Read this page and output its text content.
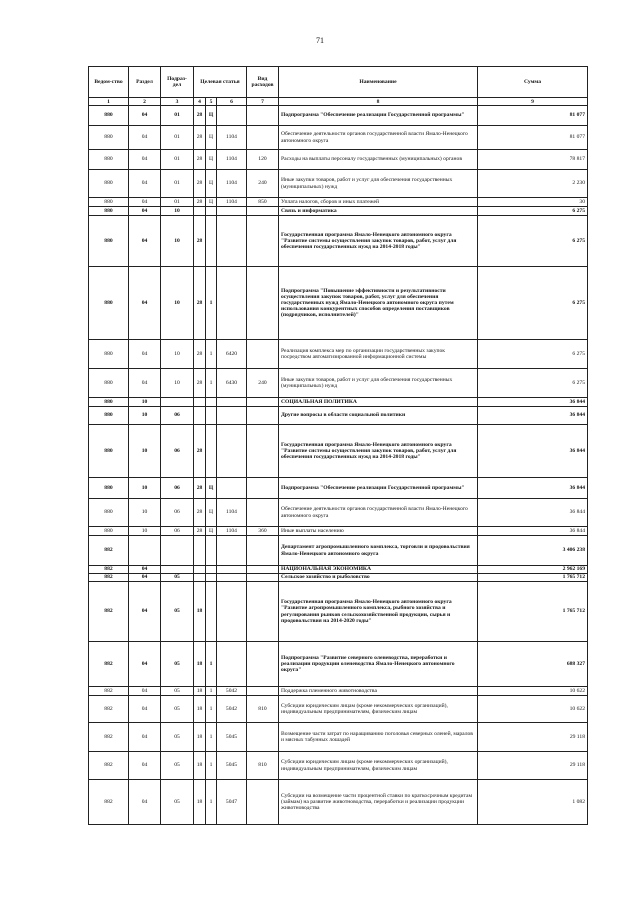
71
Ведом-ство	Раздел	Подраз-дел	Целевая статья			Вид расходов	Наименование	Сумма
1	2	3	4	5	6	7	8	9
880	04	01	28	Ц			Подпрограмма "Обеспечение реализации Государственной программы"	81 077
880	04	01	28	Ц	1104		Обеспечение деятельности органов государственной власти Ямало-Ненецкого автономного округа	81 077
880	04	01	28	Ц	1104	120	Расходы на выплаты персоналу государственных (муниципальных) органов	78 817
880	04	01	28	Ц	1104	240	Иные закупки товаров, работ и услуг для обеспечения государственных (муниципальных) нужд	2 230
880	04	01	28	Ц	1104	850	Уплата налогов, сборов и иных платежей	30
880	04	10					Связь и информатика	6 275
880	04	10	28				Государственная программа Ямало-Ненецкого автономного округа "Развитие системы осуществления закупок товаров, работ, услуг для обеспечения государственных нужд на 2014-2018 годы"	6 275
880	04	10	28	1			Подпрограмма "Повышение эффективности и результативности осуществления закупок товаров, работ, услуг для обеспечения государственных нужд Ямало-Ненецкого автономного округа путем использования конкурентных способов определения поставщиков (подрядчиков, исполнителей)"	6 275
880	04	10	28	1	6420		Реализация комплекса мер по организации государственных закупок посредством автоматизированной информационной системы	6 275
880	04	10	28	1	6430	240	Иные закупки товаров, работ и услуг для обеспечения государственных (муниципальных) нужд	6 275
880	10						СОЦИАЛЬНАЯ ПОЛИТИКА	36 844
880	10	06					Другие вопросы в области социальной политики	36 844
880	10	06	28				Государственная программа Ямало-Ненецкого автономного округа "Развитие системы осуществления закупок товаров, работ, услуг для обеспечения государственных нужд на 2014-2018 годы"	36 844
880	10	06	28	Ц			Подпрограмма "Обеспечение реализации Государственной программы"	36 844
880	10	06	28	Ц	1104		Обеспечение деятельности органов государственной власти Ямало-Ненецкого автономного округа	36 844
880	10	06	28	Ц	1104	360	Иные выплаты населению	36 844
882							Департамент агропромышленного комплекса, торговли и продовольствия Ямало-Ненецкого автономного округа	3 406 238
882	04						НАЦИОНАЛЬНАЯ ЭКОНОМИКА	2 962 169
882	04	05					Сельское хозяйство и рыболовство	1 765 712
882	04	05	18				Государственная программа Ямало-Ненецкого автономного округа "Развитие агропромышленного комплекса, рыбного хозяйства и регулирования рынков сельскохозяйственной продукции, сырья и продовольствия на 2014-2020 годы"	1 765 712
882	04	05	18	1			Подпрограмма "Развитие северного оленеводства, переработки и реализации продукции оленеводства Ямало-Ненецкого автономного округа"	688 327
882	04	05	18	1	5042		Поддержка племенного животноводства	10 622
882	04	05	18	1	5042	810	Субсидии юридическим лицам (кроме некоммерческих организаций), индивидуальным предпринимателям, физическим лицам	10 622
882	04	05	18	1	5045		Возмещение части затрат по наращиванию поголовья северных оленей, маралов и мясных табунных лошадей	29 118
882	04	05	18	1	5045	810	Субсидии юридическим лицам (кроме некоммерческих организаций), индивидуальным предпринимателям, физическим лицам	29 118
882	04	05	18	1	5047		Субсидии на возмещение части процентной ставки по краткосрочным кредитам (займам) на развитие животноводства, переработки и реализации продукции животноводства	1 082
